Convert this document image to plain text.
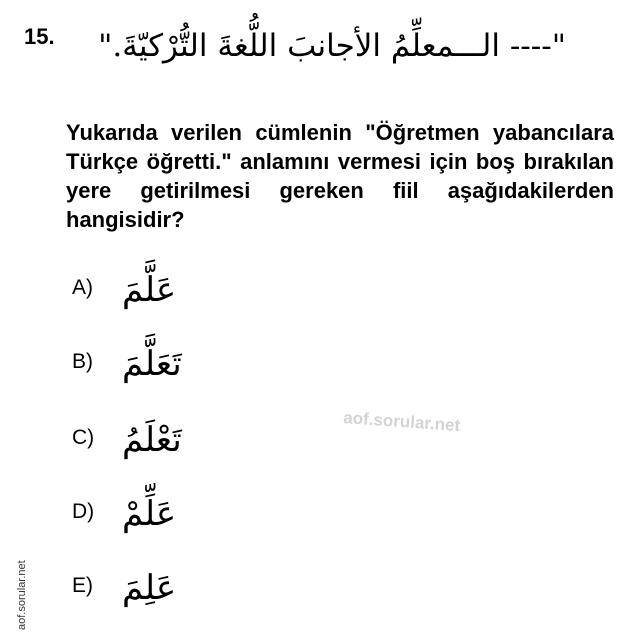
15.	"---- الـــمعلِّمُ الأجانبَ اللُّغةَ التُّرْكيّةَ."
Yukarıda verilen cümlenin "Öğretmen yabancılara Türkçe öğretti." anlamını vermesi için boş bırakılan yere getirilmesi gereken fiil aşağıdakilerden hangisidir?
A) عَلَّمَ
B) تَعَلَّمَ
C) تَعْلَمُ
D) عَلِّمْ
E) عَلِمَ
aof.sorular.net
aof.sorular.net
